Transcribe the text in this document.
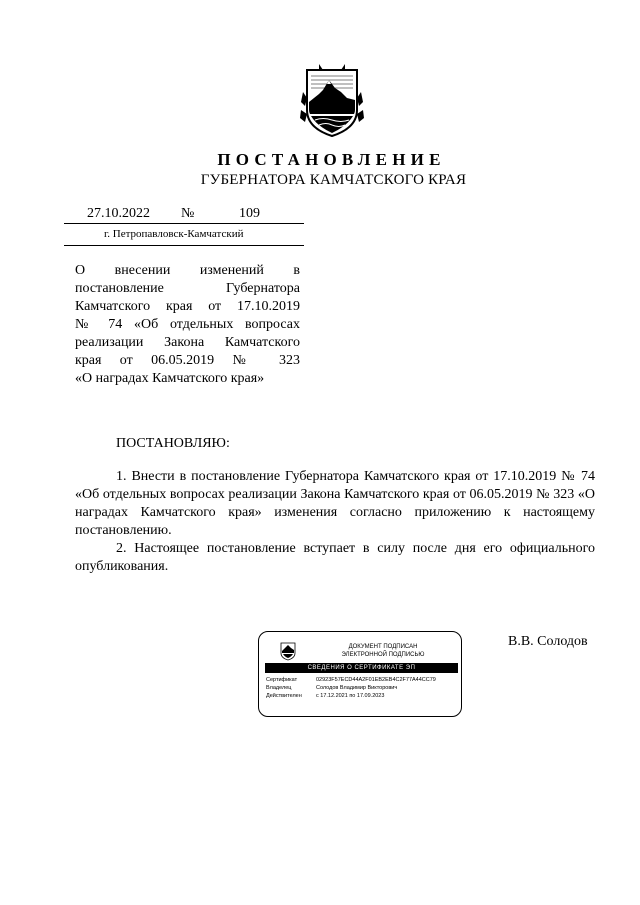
ПОСТАНОВЛЕНИЕ
ГУБЕРНАТОРА КАМЧАТСКОГО КРАЯ
27.10.2022 №	109
г. Петропавловск-Камчатский
О внесении изменений в
постановление Губернатора
Камчатского края от 17.10.2019
№ 74 «Об отдельных вопросах
реализации Закона Камчатского
края от 06.05.2019 № 323
«О наградах Камчатского края»
ПОСТАНОВЛЯЮ:

1. Внести в постановление Губернатора Камчатского края от 17.10.2019 № 74 «Об отдельных вопросах реализации Закона Камчатского края от 06.05.2019 № 323 «О наградах Камчатского края» изменения согласно приложению к настоящему постановлению.

2. Настоящее постановление вступает в силу после дня его официального опубликования.

ДОКУМЕНТ ПОДПИСАН
ЭЛЕКТРОННОЙ ПОДПИСЬЮ
СВЕДЕНИЯ О СЕРТИФИКАТЕ ЭП
Сертификат	02923F57ECD44A2F01EB2EB4C2F77A44CC79
Владелец	Солодов Владимир Викторович
Действителен	с 17.12.2021 по 17.09.2023
В.В. Солодов
